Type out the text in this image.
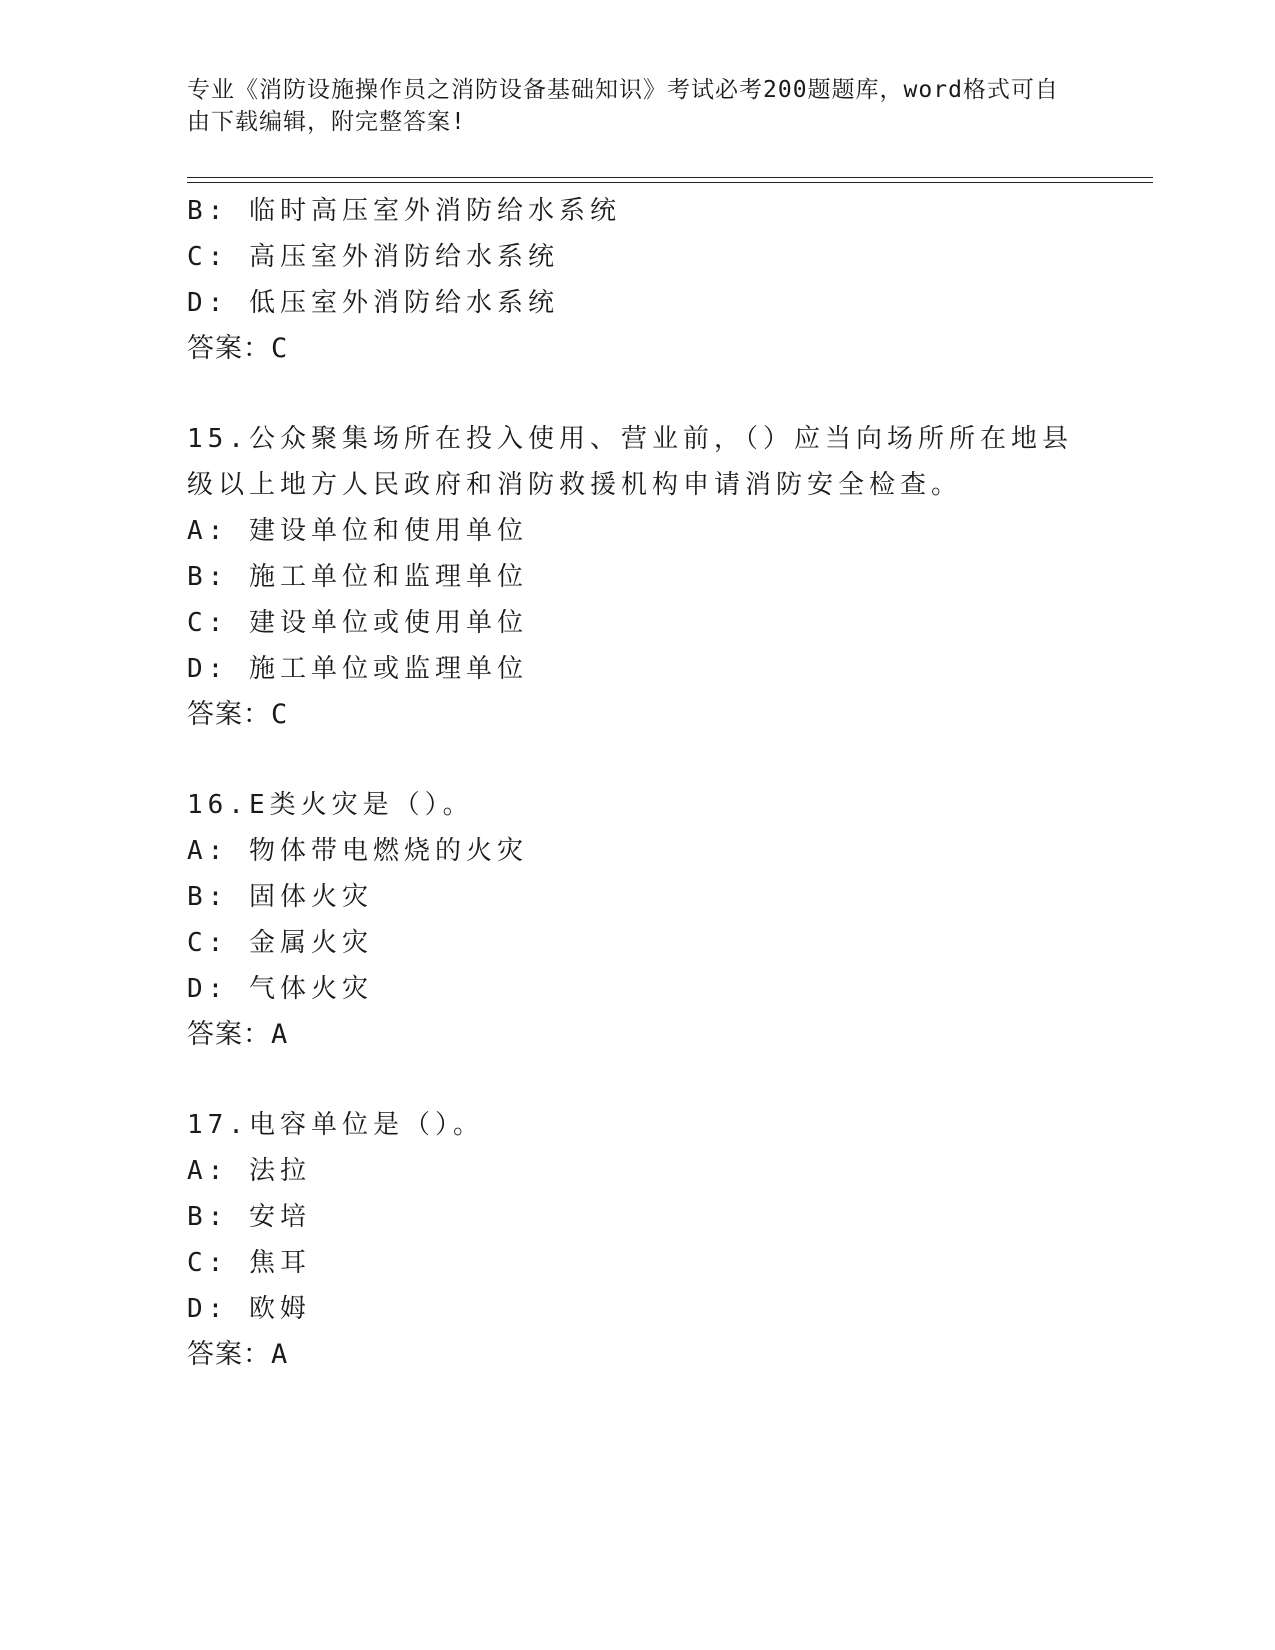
专业《消防设施操作员之消防设备基础知识》考试必考200题题库，word格式可自由下载编辑，附完整答案!
B: 临时高压室外消防给水系统
C: 高压室外消防给水系统
D: 低压室外消防给水系统
答案：C
15.公众聚集场所在投入使用、营业前，（）应当向场所所在地县级以上地方人民政府和消防救援机构申请消防安全检查。
A: 建设单位和使用单位
B: 施工单位和监理单位
C: 建设单位或使用单位
D: 施工单位或监理单位
答案：C
16.E类火灾是（）。
A: 物体带电燃烧的火灾
B: 固体火灾
C: 金属火灾
D: 气体火灾
答案：A
17.电容单位是（）。
A: 法拉
B: 安培
C: 焦耳
D: 欧姆
答案：A
